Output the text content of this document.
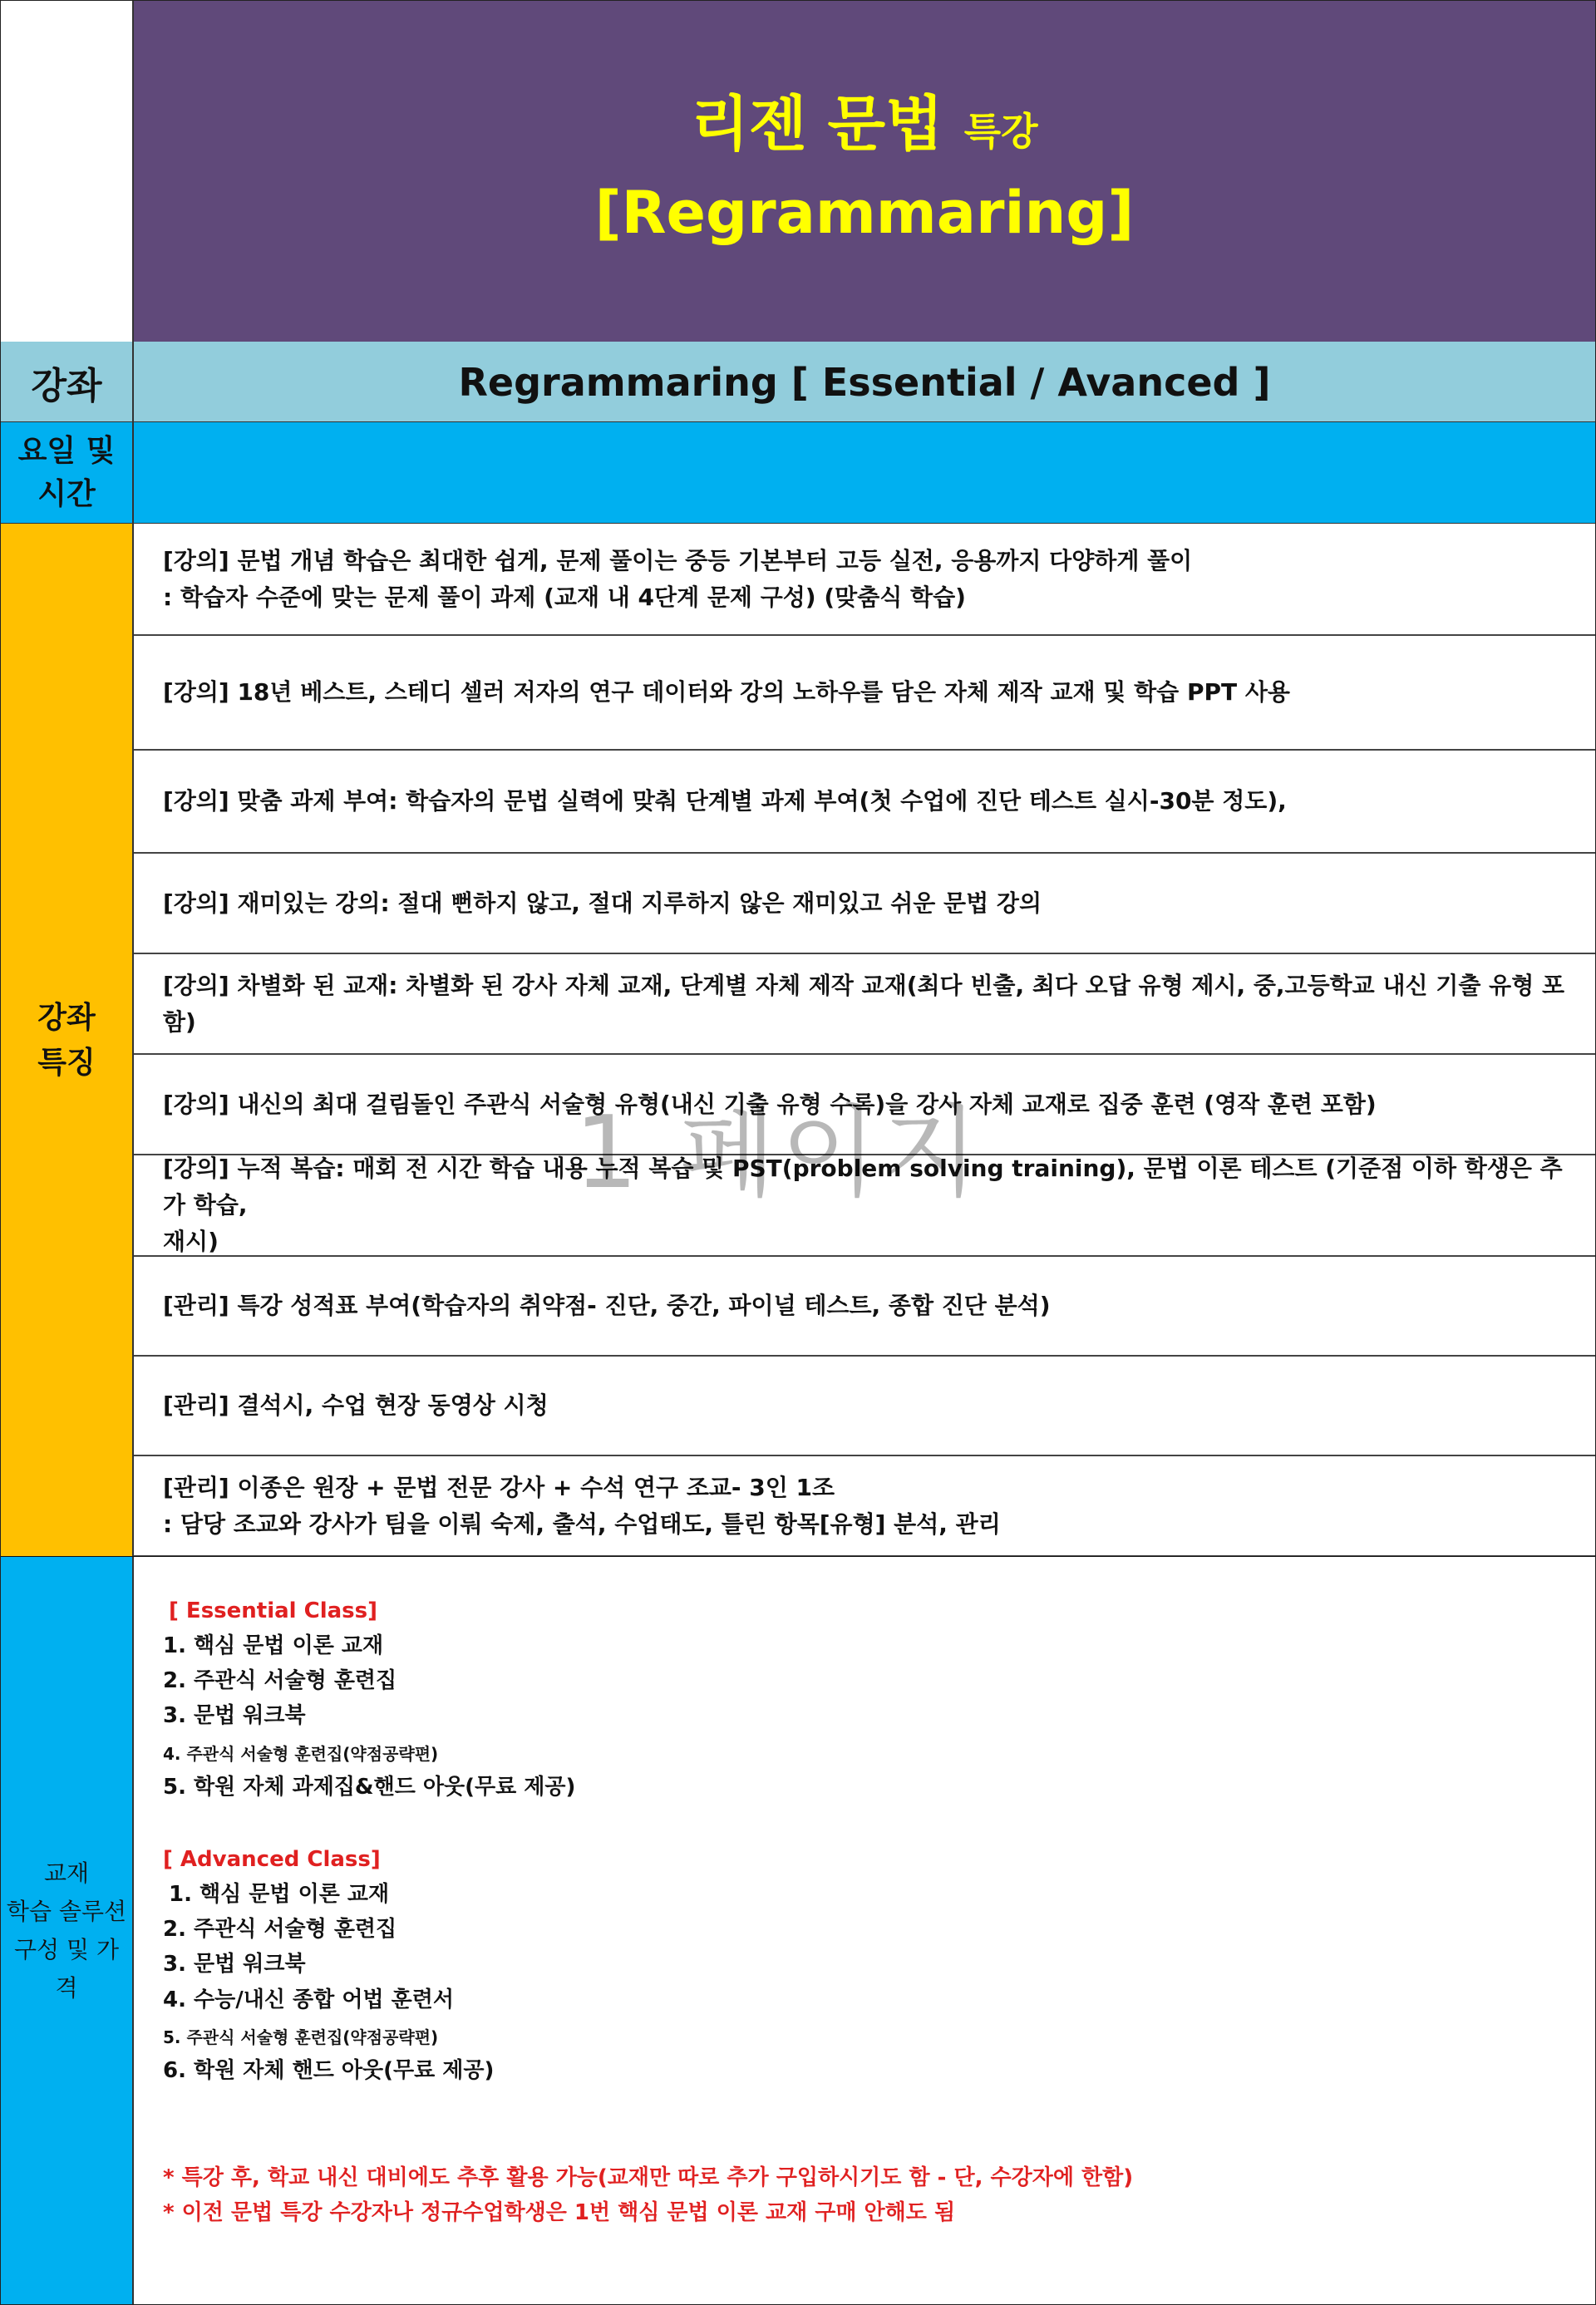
리젠 문법 특강
[Regrammaring]
강좌	Regrammaring [ Essential / Avanced ]
요일 및
시간
강좌
특징
[강의] 문법 개념 학습은 최대한 쉽게, 문제 풀이는 중등 기본부터 고등 실전, 응용까지 다양하게 풀이
: 학습자 수준에 맞는 문제 풀이 과제 (교재 내 4단계 문제 구성) (맞춤식 학습)
[강의] 18년 베스트, 스테디 셀러 저자의 연구 데이터와 강의 노하우를 담은 자체 제작 교재 및 학습 PPT 사용
[강의] 맞춤 과제 부여: 학습자의 문법 실력에 맞춰 단계별 과제 부여(첫 수업에 진단 테스트 실시-30분 정도),
[강의] 재미있는 강의: 절대 뻔하지 않고, 절대 지루하지 않은 재미있고 쉬운 문법 강의
[강의] 차별화 된 교재: 차별화 된 강사 자체 교재, 단계별 자체 제작 교재(최다 빈출, 최다 오답 유형 제시, 중,고등학교 내신 기출 유형 포
함)
[강의] 내신의 최대 걸림돌인 주관식 서술형 유형(내신 기출 유형 수록)을 강사 자체 교재로 집중 훈련 (영작 훈련 포함)
[강의] 누적 복습: 매회 전 시간 학습 내용 누적 복습 및 PST(problem solving training), 문법 이론 테스트 (기준점 이하 학생은 추가 학습,
재시)
[관리] 특강 성적표 부여(학습자의 취약점- 진단, 중간, 파이널 테스트, 종합 진단 분석)
[관리] 결석시, 수업 현장 동영상 시청
[관리] 이종은 원장 + 문법 전문 강사 + 수석 연구 조교- 3인 1조
: 담당 조교와 강사가 팀을 이뤄 숙제, 출석, 수업태도, 틀린 항목[유형] 분석, 관리
교재
학습 솔루션
구성 및 가
격
[ Essential Class]
1. 핵심 문법 이론 교재
2. 주관식 서술형 훈련집
3. 문법 워크북
4. 주관식 서술형 훈련집(약점공략편)
5. 학원 자체 과제집&핸드 아웃(무료 제공)
[ Advanced Class]
1. 핵심 문법 이론 교재
2. 주관식 서술형 훈련집
3. 문법 워크북
4. 수능/내신 종합 어법 훈련서
5. 주관식 서술형 훈련집(약점공략편)
6. 학원 자체 핸드 아웃(무료 제공)
* 특강 후, 학교 내신 대비에도 추후 활용 가능(교재만 따로 추가 구입하시기도 함 - 단, 수강자에 한함)
* 이전 문법 특강 수강자나 정규수업학생은 1번 핵심 문법 이론 교재 구매 안해도 됨
1 페이지
